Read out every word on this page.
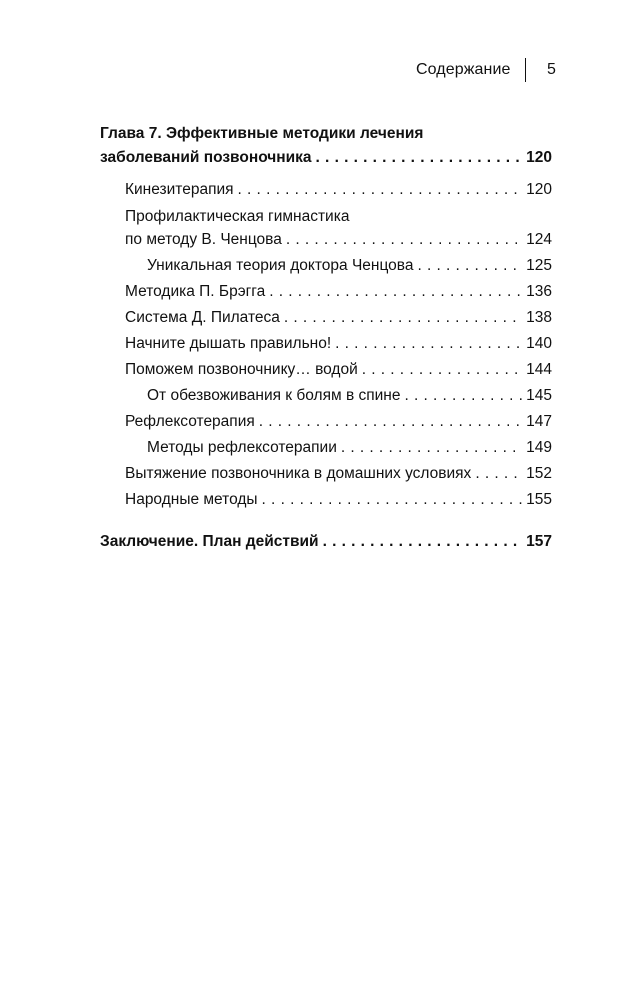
Содержание 5
Глава 7. Эффективные методики лечения
заболеваний позвоночника . . .	120
Кинезитерапия . . .	120
Профилактическая гимнастика
по методу В. Ченцова . . .	124
Уникальная теория доктора Ченцова . . .	125
Методика П. Брэгга . . .	136
Система Д. Пилатеса . . .	138
Начните дышать правильно! . . .	140
Поможем позвоночнику… водой . . .	144
От обезвоживания к болям в спине . . .	145
Рефлексотерапия . . .	147
Методы рефлексотерапии . . .	149
Вытяжение позвоночника в домашних условиях . . .	152
Народные методы . . .	155
Заключение. План действий . . .	157
